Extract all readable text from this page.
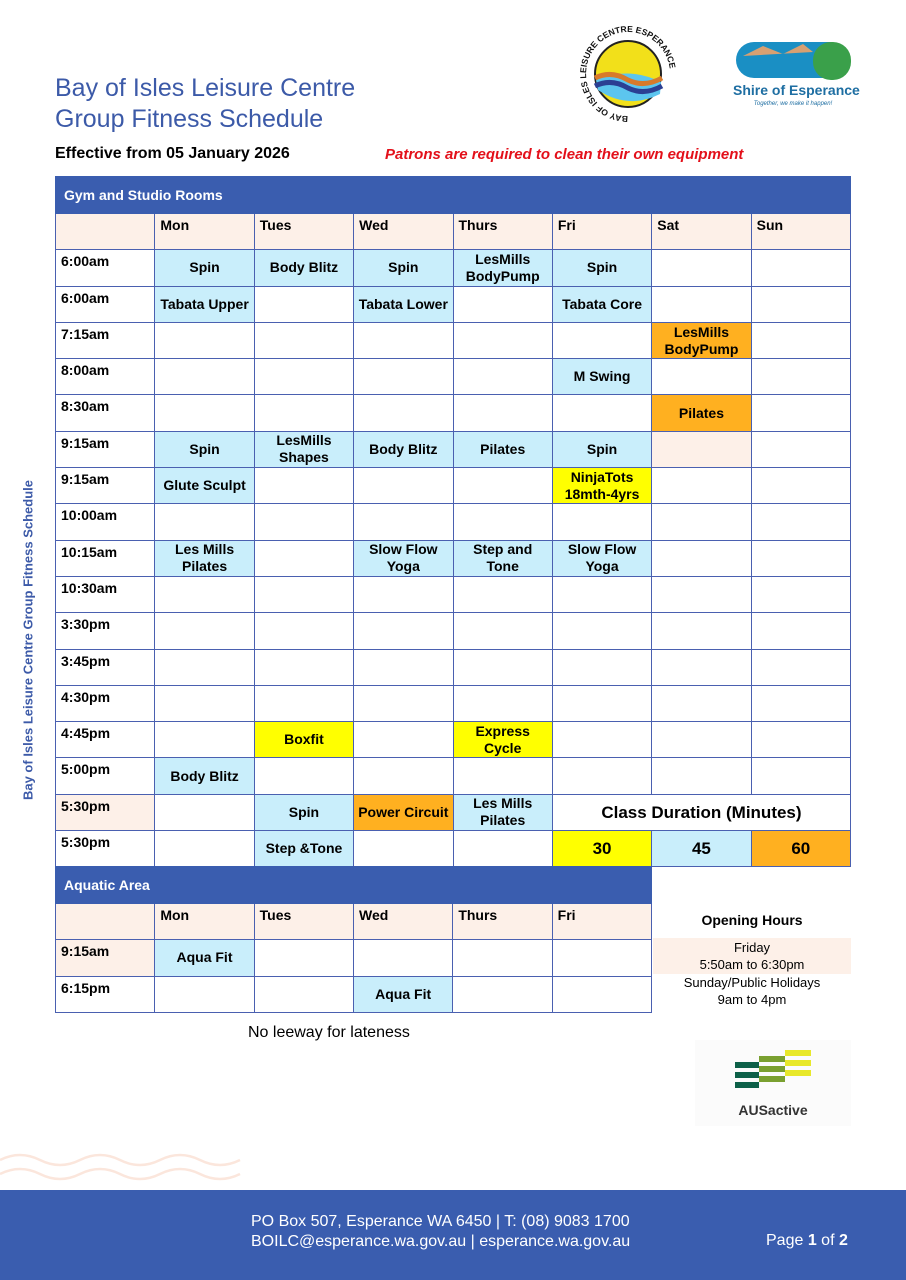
Bay of Isles Leisure Centre
Group Fitness Schedule
Effective from 05 January 2026	Patrons are required to clean their own equipment
Bay of Isles Leisure Centre Group Fitness Schedule
BAY OF ISLES LEISURE CENTRE ESPERANCE
Shire of Esperance
Together, we make it happen!
Gym and Studio Rooms							
	Mon	Tues	Wed	Thurs	Fri	Sat	Sun
6:00am	Spin	Body Blitz	Spin	LesMills BodyPump	Spin		
6:00am	Tabata Upper		Tabata Lower		Tabata Core		
7:15am						LesMills BodyPump	
8:00am					M Swing		
8:30am						Pilates	
9:15am	Spin	LesMills Shapes	Body Blitz	Pilates	Spin		
9:15am	Glute Sculpt				NinjaTots 18mth-4yrs		
10:00am							
10:15am	Les Mills Pilates		Slow Flow Yoga	Step and Tone	Slow Flow Yoga		
10:30am							
3:30pm							
3:45pm							
4:30pm							
4:45pm		Boxfit		Express Cycle			
5:00pm	Body Blitz						
5:30pm		Spin	Power Circuit	Les Mills Pilates	Class Duration (Minutes)		
5:30pm		Step &Tone			30	45	60
Aquatic Area					
	Mon	Tues	Wed	Thurs	Fri
9:15am	Aqua Fit				
6:15pm			Aqua Fit		
Opening Hours
Friday
5:50am to 6:30pm
Sunday/Public Holidays
9am to 4pm
No leeway for lateness
AUSactive
PO Box 507, Esperance WA 6450 | T: (08) 9083 1700
BOILC@esperance.wa.gov.au | esperance.wa.gov.au	Page 1 of 2
